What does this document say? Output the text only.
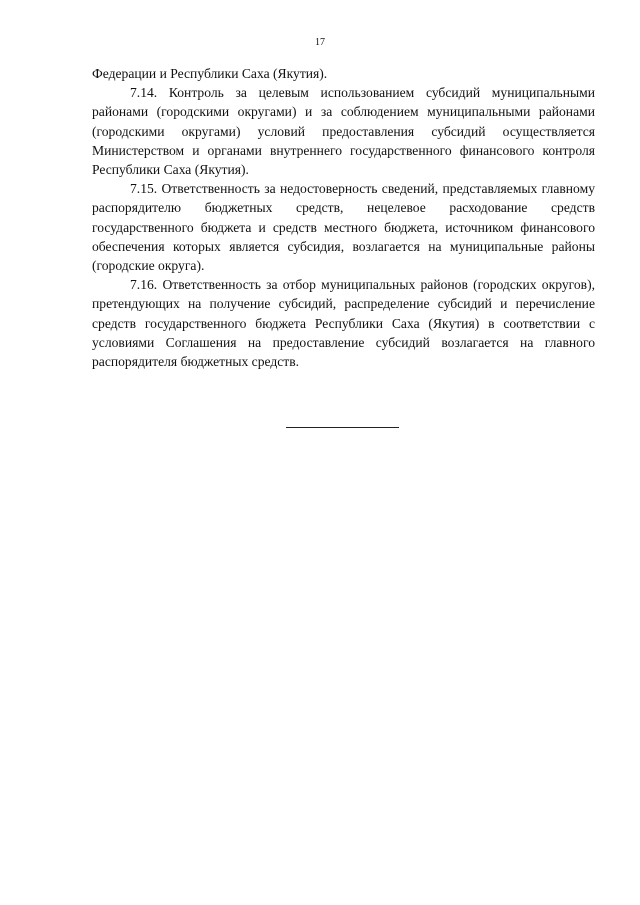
17

Федерации и Республики Саха (Якутия).

7.14. Контроль за целевым использованием субсидий муниципальными районами (городскими округами) и за соблюдением муниципальными районами (городскими округами) условий предоставления субсидий осуществляется Министерством и органами внутреннего государственного финансового контроля Республики Саха (Якутия).

7.15. Ответственность за недостоверность сведений, представляемых главному распорядителю бюджетных средств, нецелевое расходование средств государственного бюджета и средств местного бюджета, источником финансового обеспечения которых является субсидия, возлагается на муниципальные районы (городские округа).

7.16. Ответственность за отбор муниципальных районов (городских округов), претендующих на получение субсидий, распределение субсидий и перечисление средств государственного бюджета Республики Саха (Якутия) в соответствии с условиями Соглашения на предоставление субсидий возлагается на главного распорядителя бюджетных средств.
